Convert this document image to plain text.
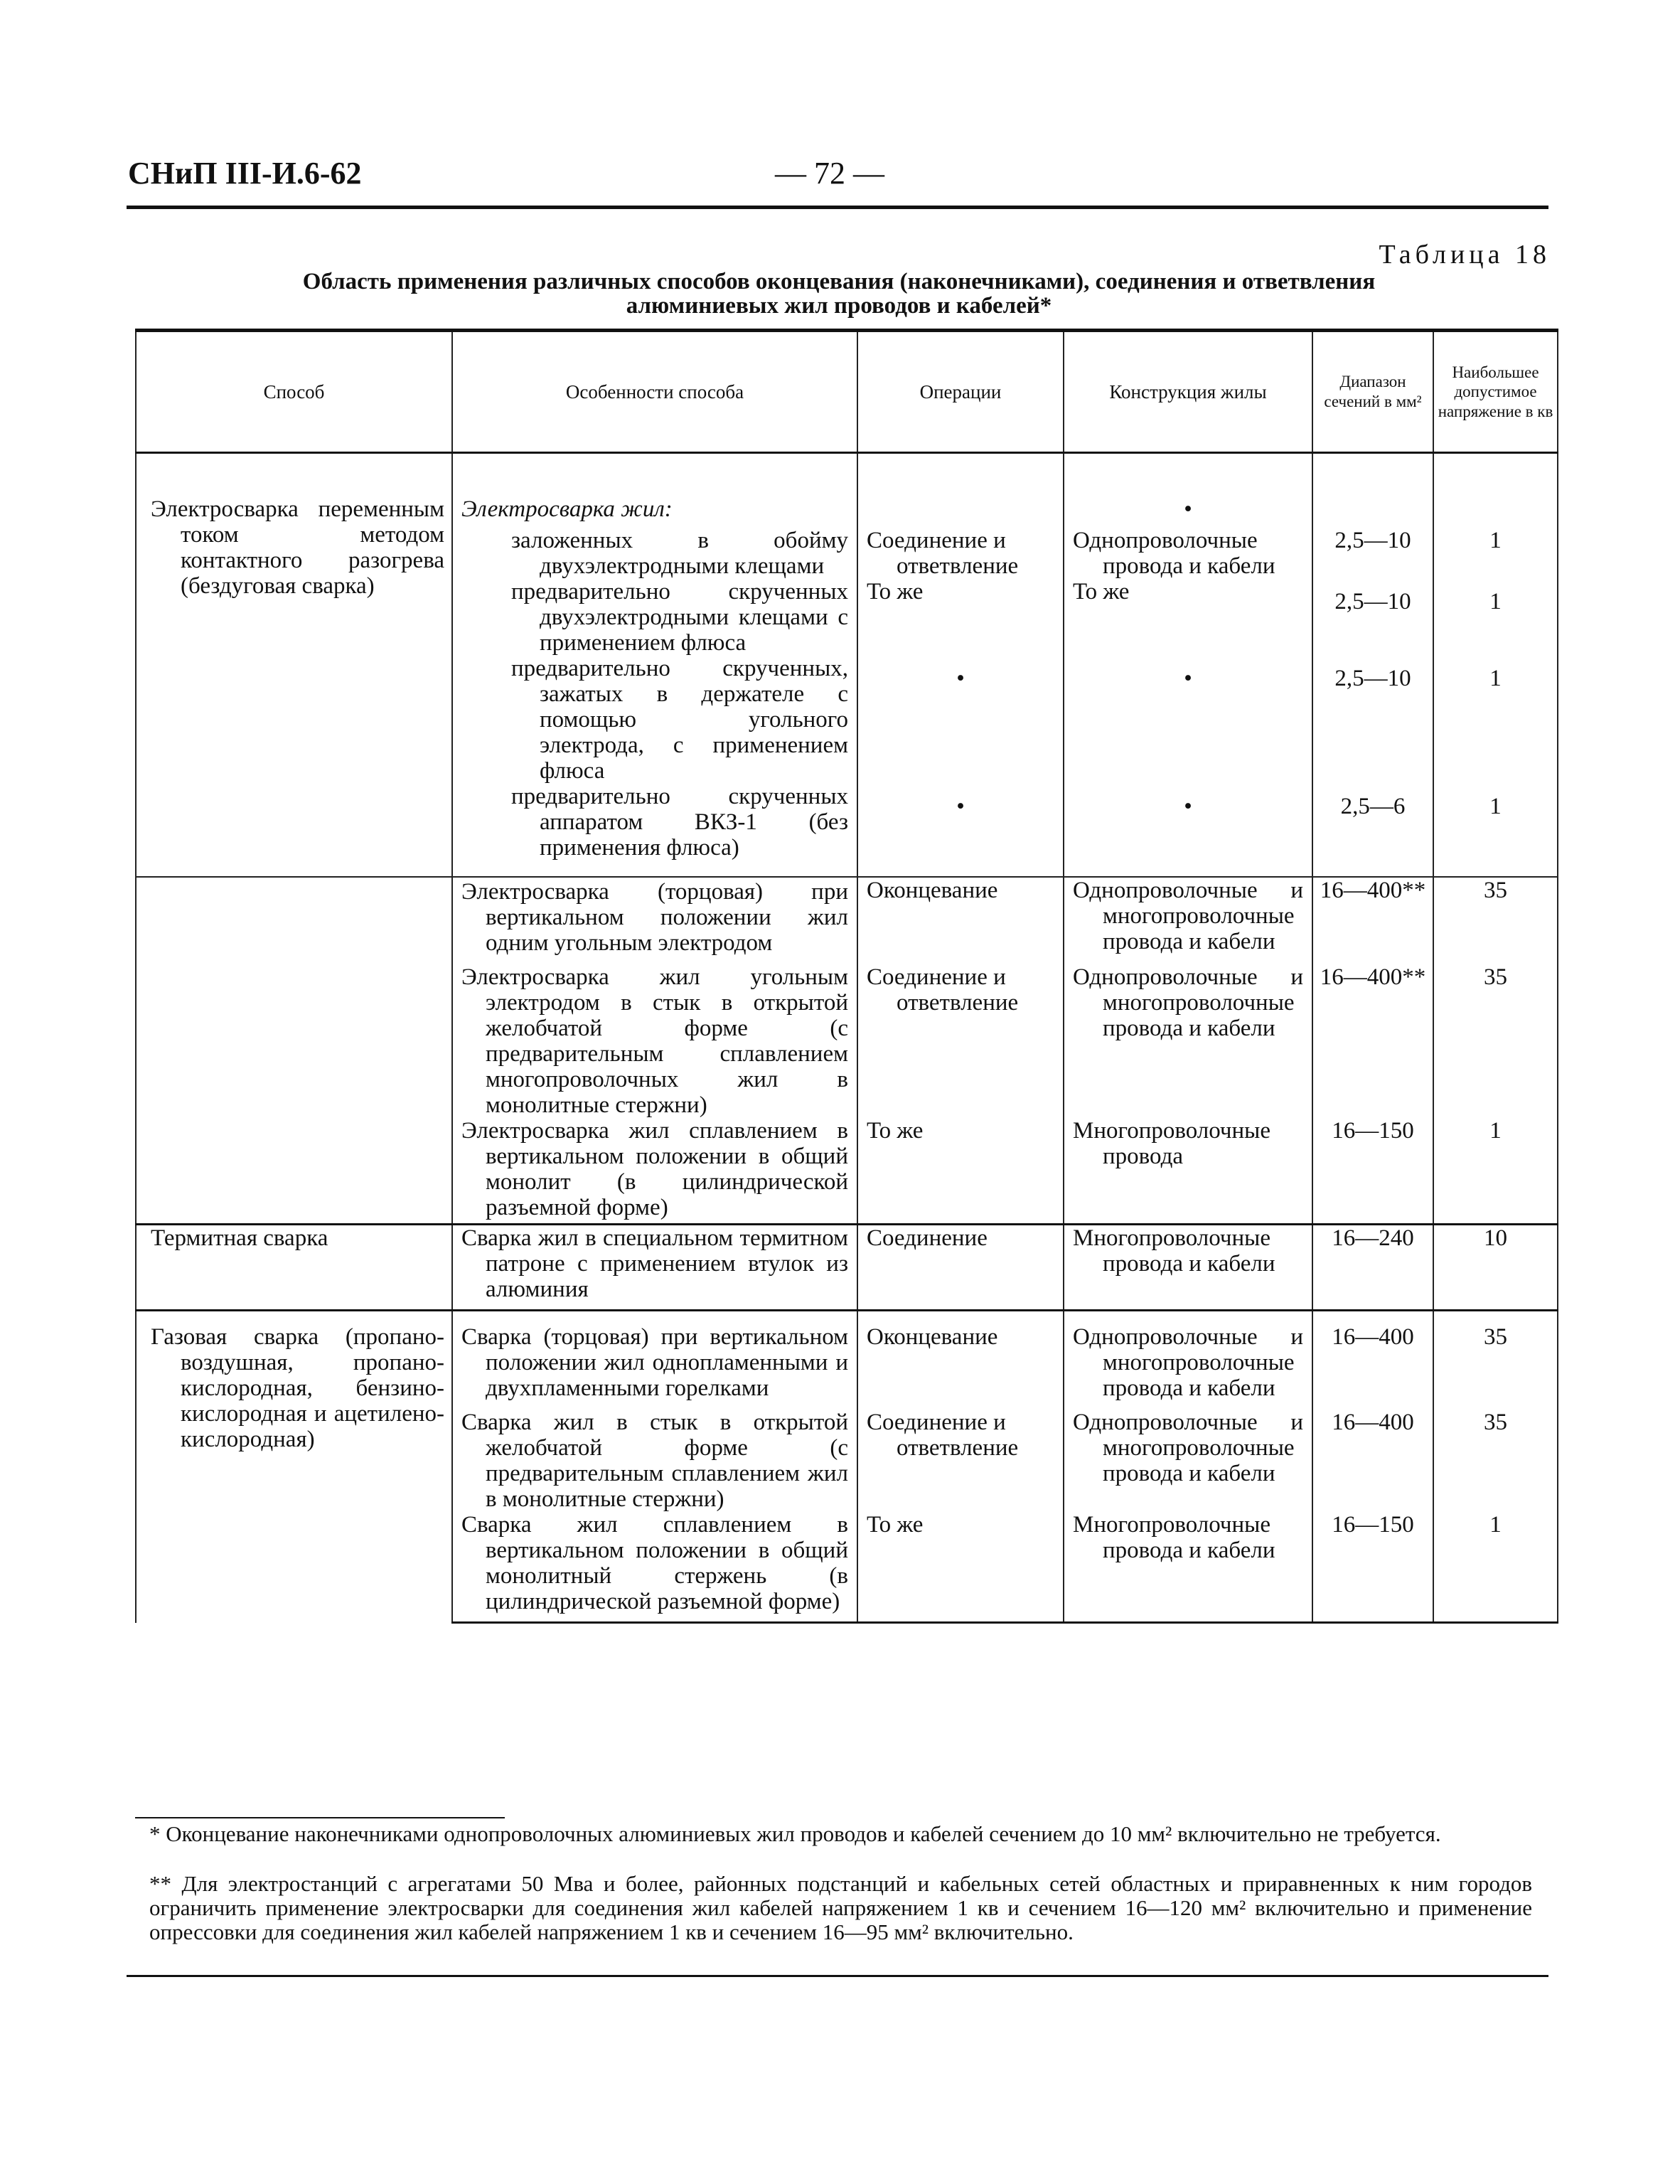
СНиП III-И.6-62	— 72 —
Таблица 18
Область применения различных способов оконцевания (наконечниками), соединения и ответвления
алюминиевых жил проводов и кабелей*
Способ	Особенности способа	Операции	Конструкция жилы	Диапазон сечений в мм²	Наибольшее допустимое напряжение в кв

Электросварка переменным током методом контактного разогрева (бездуговая сварка)	Электросварка жил:		•		

	заложенных в обойму двухэлектродными клещами	Соединение и ответвление	Однопроволочные провода и кабели	2,5—10	1

	предварительно скрученных двухэлектродными клещами с применением флюса	То же	То же	2,5—10	1

	предварительно скрученных, зажатых в держателе с помощью угольного электрода, с применением флюса	•	•	2,5—10	1

	предварительно скрученных аппаратом ВКЗ-1 (без применения флюса)	•	•	2,5—6	1

	Электросварка (торцовая) при вертикальном положении жил одним угольным электродом	Оконцевание	Однопроволочные и многопроволочные провода и кабели	16—400**	35

	Электросварка жил угольным электродом в стык в открытой желобчатой форме (с предварительным сплавлением многопроволочных жил в монолитные стержни)	Соединение и ответвление	Однопроволочные и многопроволочные провода и кабели	16—400**	35

	Электросварка жил сплавлением в вертикальном положении в общий монолит (в цилиндрической разъемной форме)	То же	Многопроволочные провода	16—150	1

Термитная сварка	Сварка жил в специальном термитном патроне с применением втулок из алюминия	Соединение	Многопроволочные провода и кабели	16—240	10

Газовая сварка (пропано-воздушная, пропано-кислородная, бензино-кислородная и ацетилено-кислородная)	Сварка (торцовая) при вертикальном положении жил однопламенными и двухпламенными горелками	Оконцевание	Однопроволочные и многопроволочные провода и кабели	16—400	35

	Сварка жил в стык в открытой желобчатой форме (с предварительным сплавлением жил в монолитные стержни)	Соединение и ответвление	Однопроволочные и многопроволочные провода и кабели	16—400	35

	Сварка жил сплавлением в вертикальном положении в общий монолитный стержень (в цилиндрической разъемной форме)	То же	Многопроволочные провода и кабели	16—150	1
* Оконцевание наконечниками однопроволочных алюминиевых жил проводов и кабелей сечением до 10 мм² включительно не требуется.
** Для электростанций с агрегатами 50 Мва и более, районных подстанций и кабельных сетей областных и приравненных к ним городов ограничить применение электросварки для соединения жил кабелей напряжением 1 кв и сечением 16—120 мм² включительно и применение опрессовки для соединения жил кабелей напряжением 1 кв и сечением 16—95 мм² включительно.
